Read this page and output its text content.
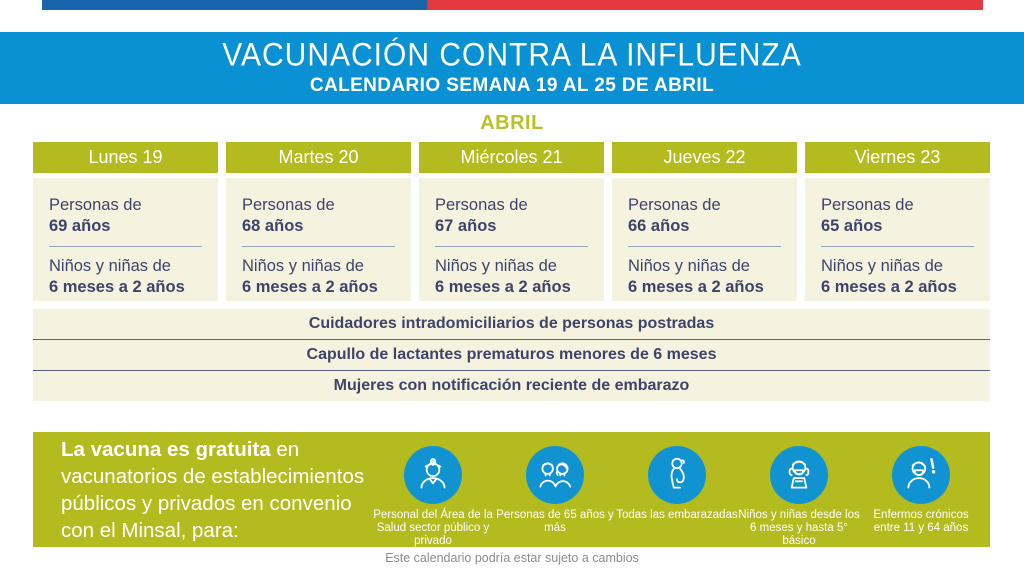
VACUNACIÓN CONTRA LA INFLUENZA
CALENDARIO SEMANA 19 AL 25 DE ABRIL
ABRIL
Lunes 19
Personas de
69 años
Niños y niñas de
6 meses a 2 años
Martes 20
Personas de
68 años
Niños y niñas de
6 meses a 2 años
Miércoles 21
Personas de
67 años
Niños y niñas de
6 meses a 2 años
Jueves 22
Personas de
66 años
Niños y niñas de
6 meses a 2 años
Viernes 23
Personas de
65 años
Niños y niñas de
6 meses a 2 años
Cuidadores intradomiciliarios de personas postradas
Capullo de lactantes prematuros menores de 6 meses
Mujeres con notificación reciente de embarazo

La vacuna es gratuita en vacunatorios de establecimientos públicos y privados en convenio con el Minsal, para:

Personal del Área de la Salud sector público y privado
Personas de 65 años y más
Todas las embarazadas Niños y niñas desde los 6 meses y hasta 5° básico
Enfermos crónicos entre 11 y 64 años
Este calendario podría estar sujeto a cambios
